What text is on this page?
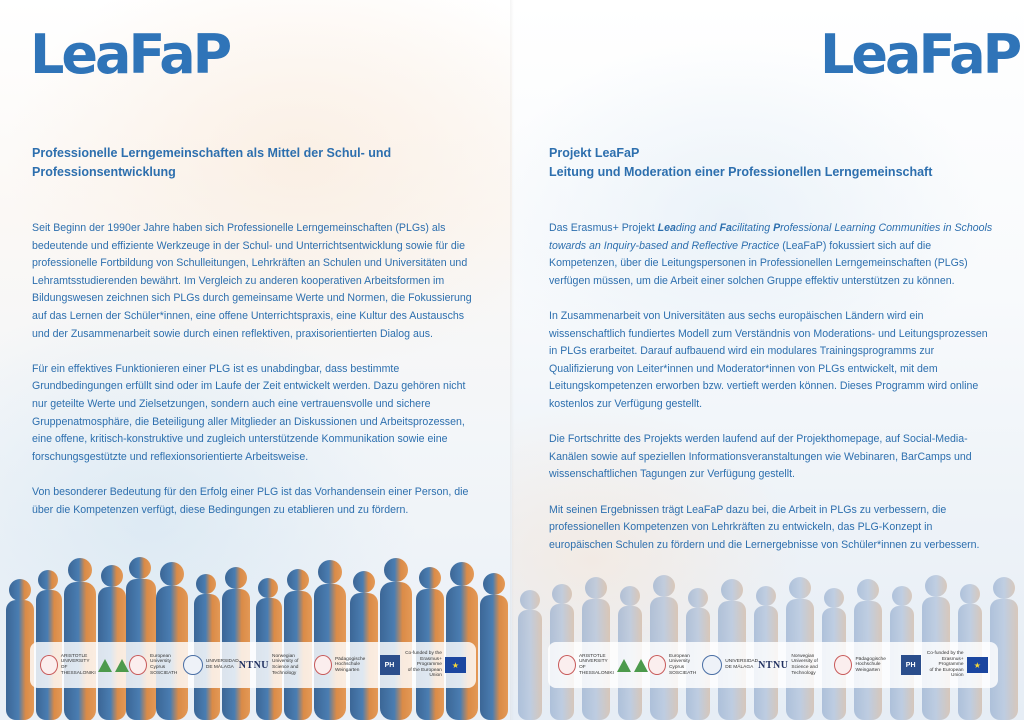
LeaFaP
Professionelle Lerngemeinschaften als Mittel der Schul- und Professionsentwicklung

Seit Beginn der 1990er Jahre haben sich Professionelle Lerngemeinschaften (PLGs) als bedeutende und effiziente Werkzeuge in der Schul- und Unterrichtsentwicklung sowie für die professionelle Fortbildung von Schulleitungen, Lehrkräften an Schulen und Universitäten und Lehramtsstudierenden bewährt. Im Vergleich zu anderen kooperativen Arbeitsformen im Bildungswesen zeichnen sich PLGs durch gemeinsame Werte und Normen, die Fokussierung auf das Lernen der Schüler*innen, eine offene Unterrichtspraxis, eine Kultur des Austauschs und der Zusammenarbeit sowie durch einen reflektiven, praxisorientierten Dialog aus.

Für ein effektives Funktionieren einer PLG ist es unabdingbar, dass bestimmte Grundbedingungen erfüllt sind oder im Laufe der Zeit entwickelt werden. Dazu gehören nicht nur geteilte Werte und Zielsetzungen, sondern auch eine vertrauensvolle und sichere Gruppenatmosphäre, die Beteiligung aller Mitglieder an Diskussionen und Arbeitsprozessen, eine offene, kritisch-konstruktive und zugleich unterstützende Kommunikation sowie eine forschungsgestützte und reflexionsorientierte Arbeitsweise.

Von besonderer Bedeutung für den Erfolg einer PLG ist das Vorhandensein einer Person, die über die Kompetenzen verfügt, diese Bedingungen zu etablieren und zu fördern.

ARISTOTLE
UNIVERSITY
OF THESSALONIKI
European
University Cyprus
SOSCIEATH
UNIVERSIDAD
DE MÁLAGA NTNU
Norwegian University of
Science and Technology
Pädagogische
Hochschule Weingarten
PH
Co-funded by the
Erasmus+ Programme
of the European Union
★
LeaFaP
Projekt LeaFaP
Leitung und Moderation einer Professionellen Lerngemeinschaft

Das Erasmus+ Projekt Leading and Facilitating Professional Learning Communities in Schools towards an Inquiry-based and Reflective Practice (LeaFaP) fokussiert sich auf die Kompetenzen, über die Leitungspersonen in Professionellen Lerngemeinschaften (PLGs) verfügen müssen, um die Arbeit einer solchen Gruppe effektiv unterstützen zu können.

In Zusammenarbeit von Universitäten aus sechs europäischen Ländern wird ein wissenschaftlich fundiertes Modell zum Verständnis von Moderations- und Leitungsprozessen in PLGs erarbeitet. Darauf aufbauend wird ein modulares Trainingsprogramms zur Qualifizierung von Leiter*innen und Moderator*innen von PLGs entwickelt, mit dem Leitungskompetenzen erworben bzw. vertieft werden können. Dieses Programm wird online kostenlos zur Verfügung gestellt.

Die Fortschritte des Projekts werden laufend auf der Projekthomepage, auf Social-Media-Kanälen sowie auf speziellen Informationsveranstaltungen wie Webinaren, BarCamps und wissenschaftlichen Tagungen zur Verfügung gestellt.

Mit seinen Ergebnissen trägt LeaFaP dazu bei, die Arbeit in PLGs zu verbessern, die professionellen Kompetenzen von Lehrkräften zu entwickeln, das PLG-Konzept in europäischen Schulen zu fördern und die Lernergebnisse von Schüler*innen zu verbessern.

ARISTOTLE
UNIVERSITY
OF THESSALONIKI
European
University Cyprus
SOSCIEATH
UNIVERSIDAD
DE MÁLAGA NTNU
Norwegian University of
Science and Technology
Pädagogische
Hochschule Weingarten
PH
Co-funded by the
Erasmus+ Programme
of the European Union
★
